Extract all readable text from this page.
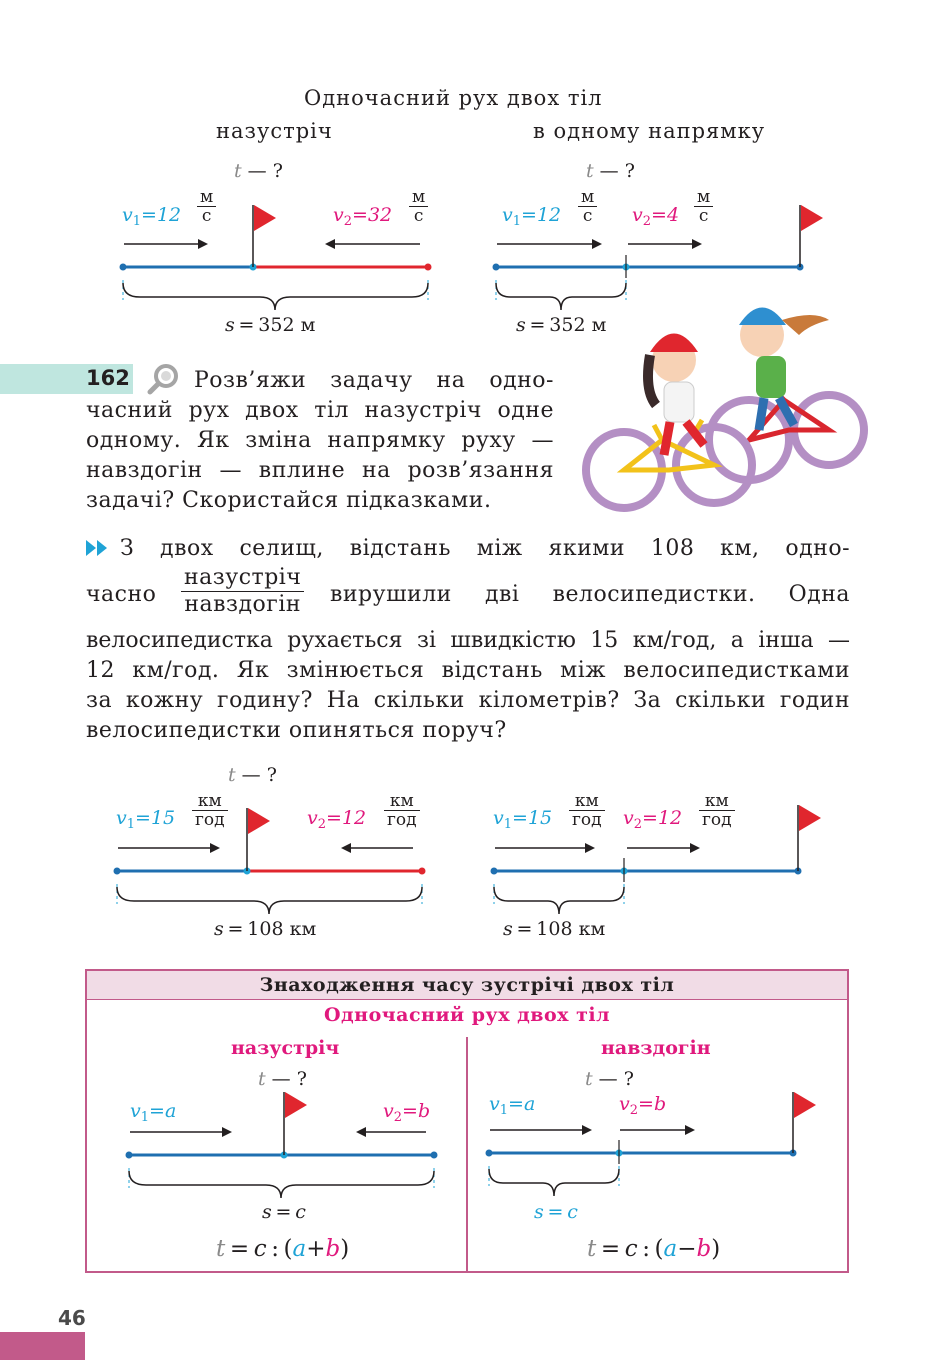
Одночасний рух двох тіл
назустріч	в одному напрямку
t — ?
$v_1=12$
м
с	$v_2=32$
м
с
s = 352 м
t — ?
$v_1=12$
м
с $v_2=4$
м
с
s = 352 м
162	Розв’яжи задачу на одно-
часний рух двох тіл назустріч одне
одному. Як зміна напрямку руху —
навздогін — вплине на розв’язання
задачі? Скористайся підказками.
З двох селищ, відстань між якими 108 км, одно-
часно
назустріч
навздогін вирушили дві велосипедистки. Одна
велосипедистка рухається зі швидкістю 15 км/год, а інша —
12 км/год. Як змінюється відстань між велосипедистками
за кожну годину? На скільки кілометрів? За скільки годин
велосипедистки опиняться поруч?
t — ?
$v_1=15$
км
год	$v_2=12$
км
год	$v_1=15$
км
год $v_2=12$
км
год
s = 108 км	s = 108 км
Знаходження часу зустрічі двох тіл
Одночасний рух двох тіл
назустріч	навздогін
t — ?	t — ?
$v_1=a$	$v_2=b$	$v_1=a$	$v_2=b$
s = c	s = c
t = c : (a+b)	t = c : (a−b)
46
